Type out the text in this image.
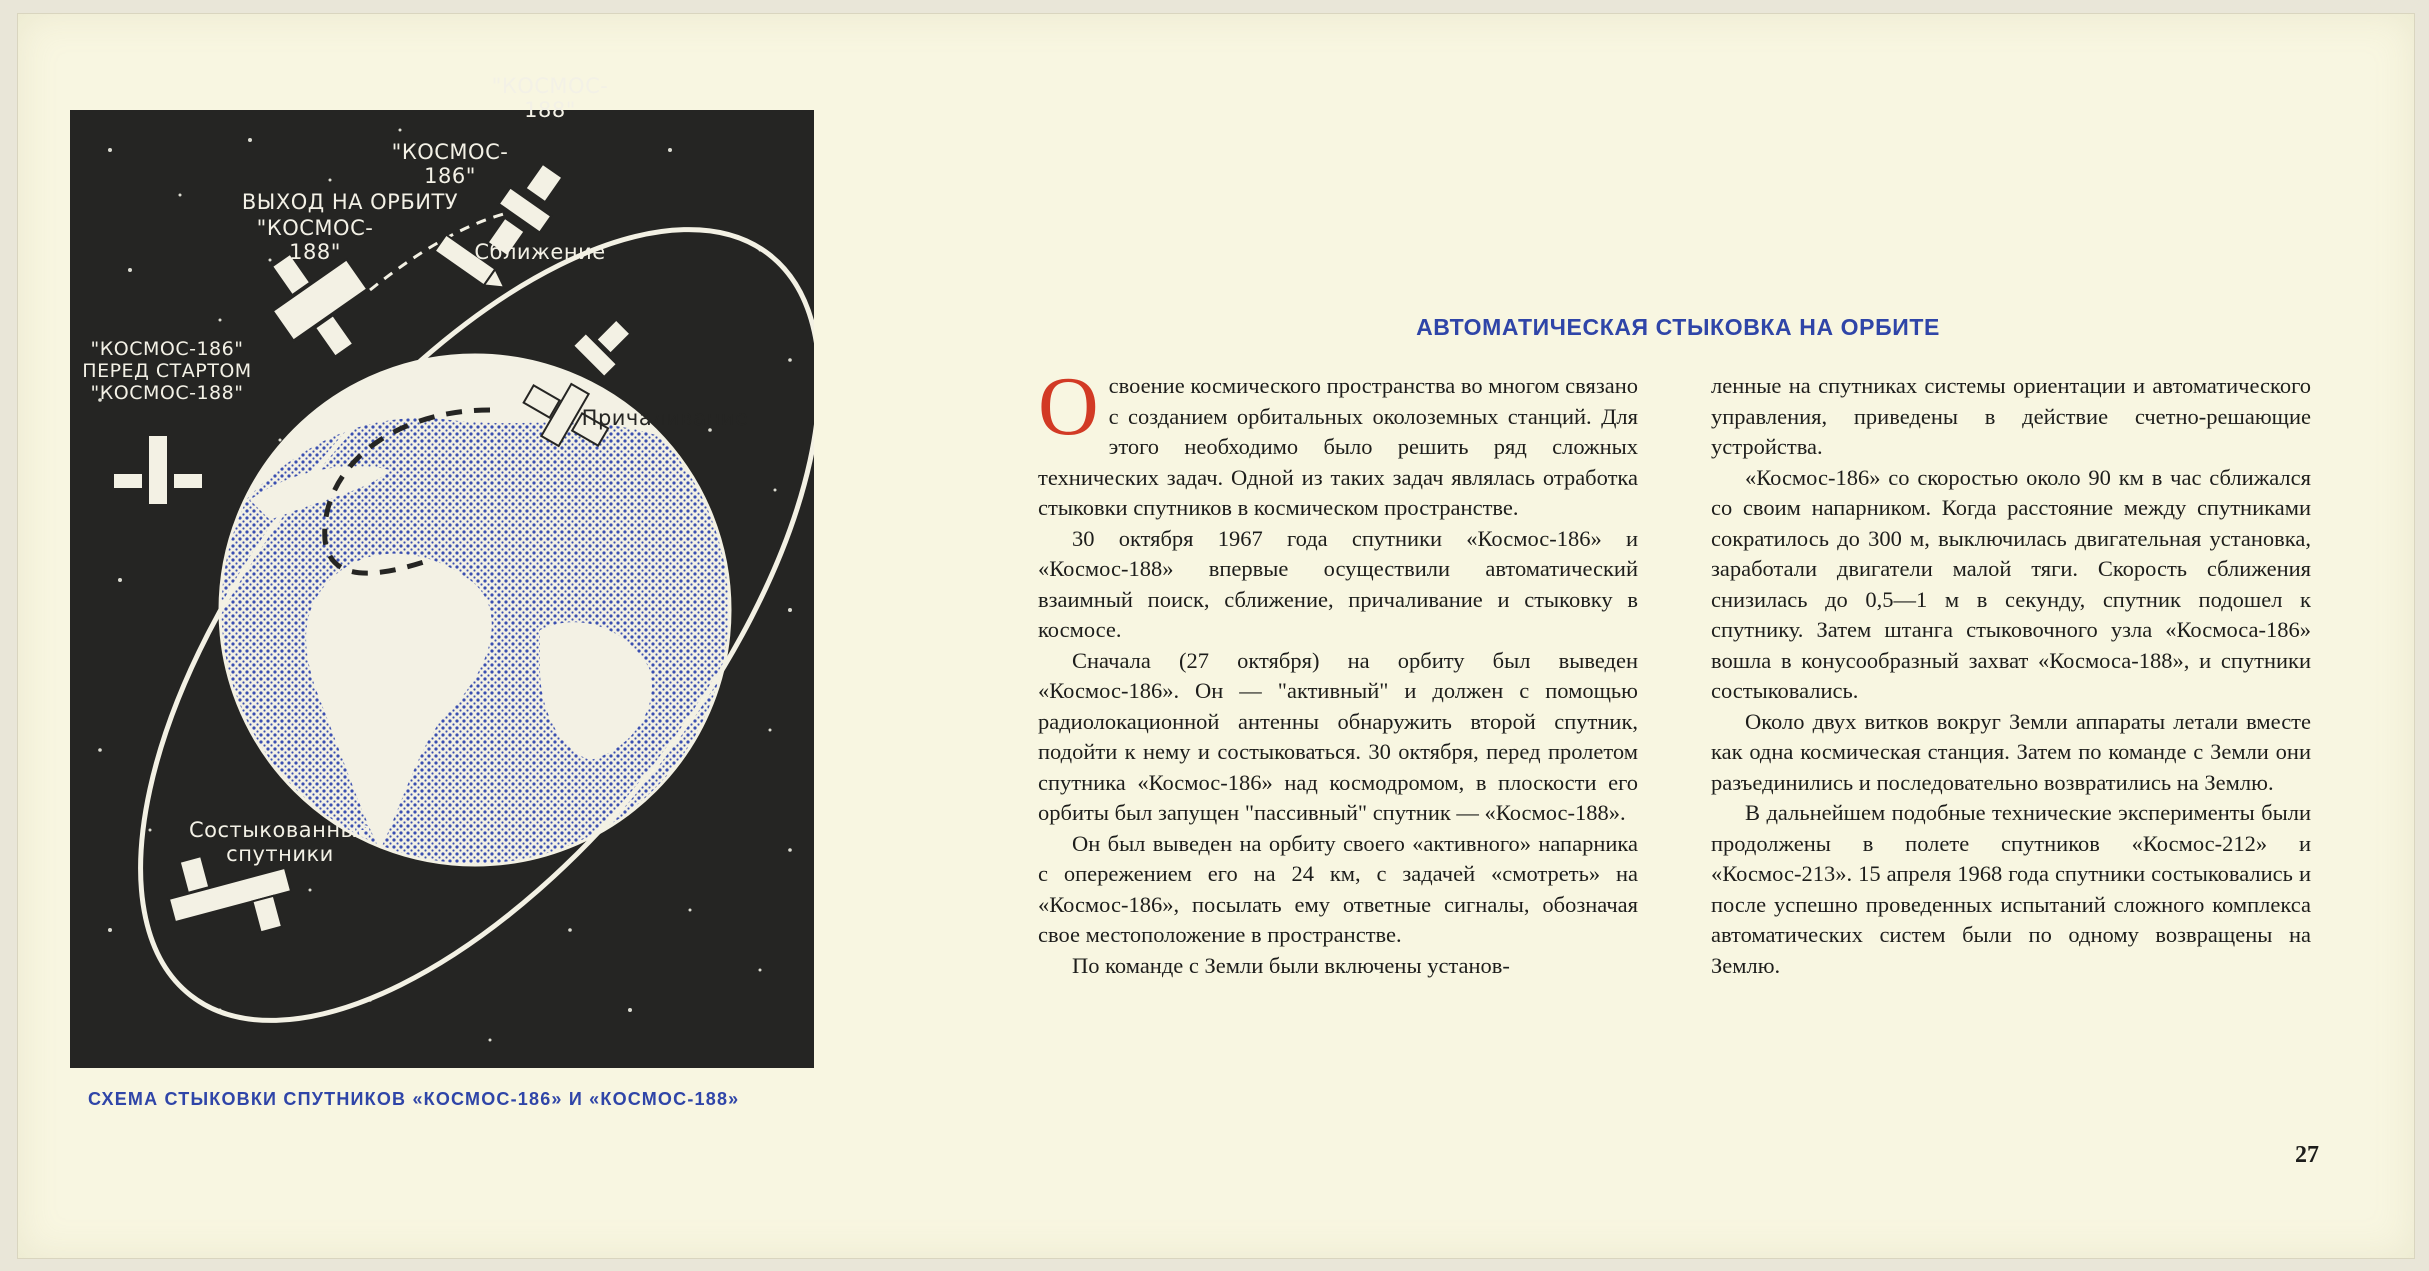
"КОСМОС-
188"
"КОСМОС-
186"
ВЫХОД НА ОРБИТУ
"КОСМОС-
188"	Сближение
Причаливание
"КОСМОС-186"
ПЕРЕД СТАРТОМ
"КОСМОС-188"
Состыкованные
спутники
СХЕМА СТЫКОВКИ СПУТНИКОВ «КОСМОС-186» И «КОСМОС-188»
АВТОМАТИЧЕСКАЯ СТЫКОВКА НА ОРБИТЕ

Освоение космического пространства во многом связано с созданием орбитальных околоземных станций. Для этого необходимо было решить ряд сложных технических задач. Одной из таких задач являлась отработка стыковки спутников в космическом пространстве.

30 октября 1967 года спутники «Космос-186» и «Космос-188» впервые осуществили автоматический взаимный поиск, сближение, причаливание и стыковку в космосе.

Сначала (27 октября) на орбиту был выведен «Космос-186». Он — "активный" и должен с помощью радиолокационной антенны обнаружить второй спутник, подойти к нему и состыковаться. 30 октября, перед пролетом спутника «Космос-186» над космодромом, в плоскости его орбиты был запущен "пассивный" спутник — «Космос-188».

Он был выведен на орбиту своего «активного» напарника с опережением его на 24 км, с задачей «смотреть» на «Космос-186», посылать ему ответные сигналы, обозначая свое местоположение в пространстве.

По команде с Земли были включены установ-

ленные на спутниках системы ориентации и автоматического управления, приведены в действие счетно-решающие устройства.

«Космос-186» со скоростью около 90 км в час сближался со своим напарником. Когда расстояние между спутниками сократилось до 300 м, выключилась двигательная установка, заработали двигатели малой тяги. Скорость сближения снизилась до 0,5—1 м в секунду, спутник подошел к спутнику. Затем штанга стыковочного узла «Космоса-186» вошла в конусообразный захват «Космоса-188», и спутники состыковались.

Около двух витков вокруг Земли аппараты летали вместе как одна космическая станция. Затем по команде с Земли они разъединились и последовательно возвратились на Землю.

В дальнейшем подобные технические эксперименты были продолжены в полете спутников «Космос-212» и «Космос-213». 15 апреля 1968 года спутники состыковались и после успешно проведенных испытаний сложного комплекса автоматических систем были по одному возвращены на Землю.

27
